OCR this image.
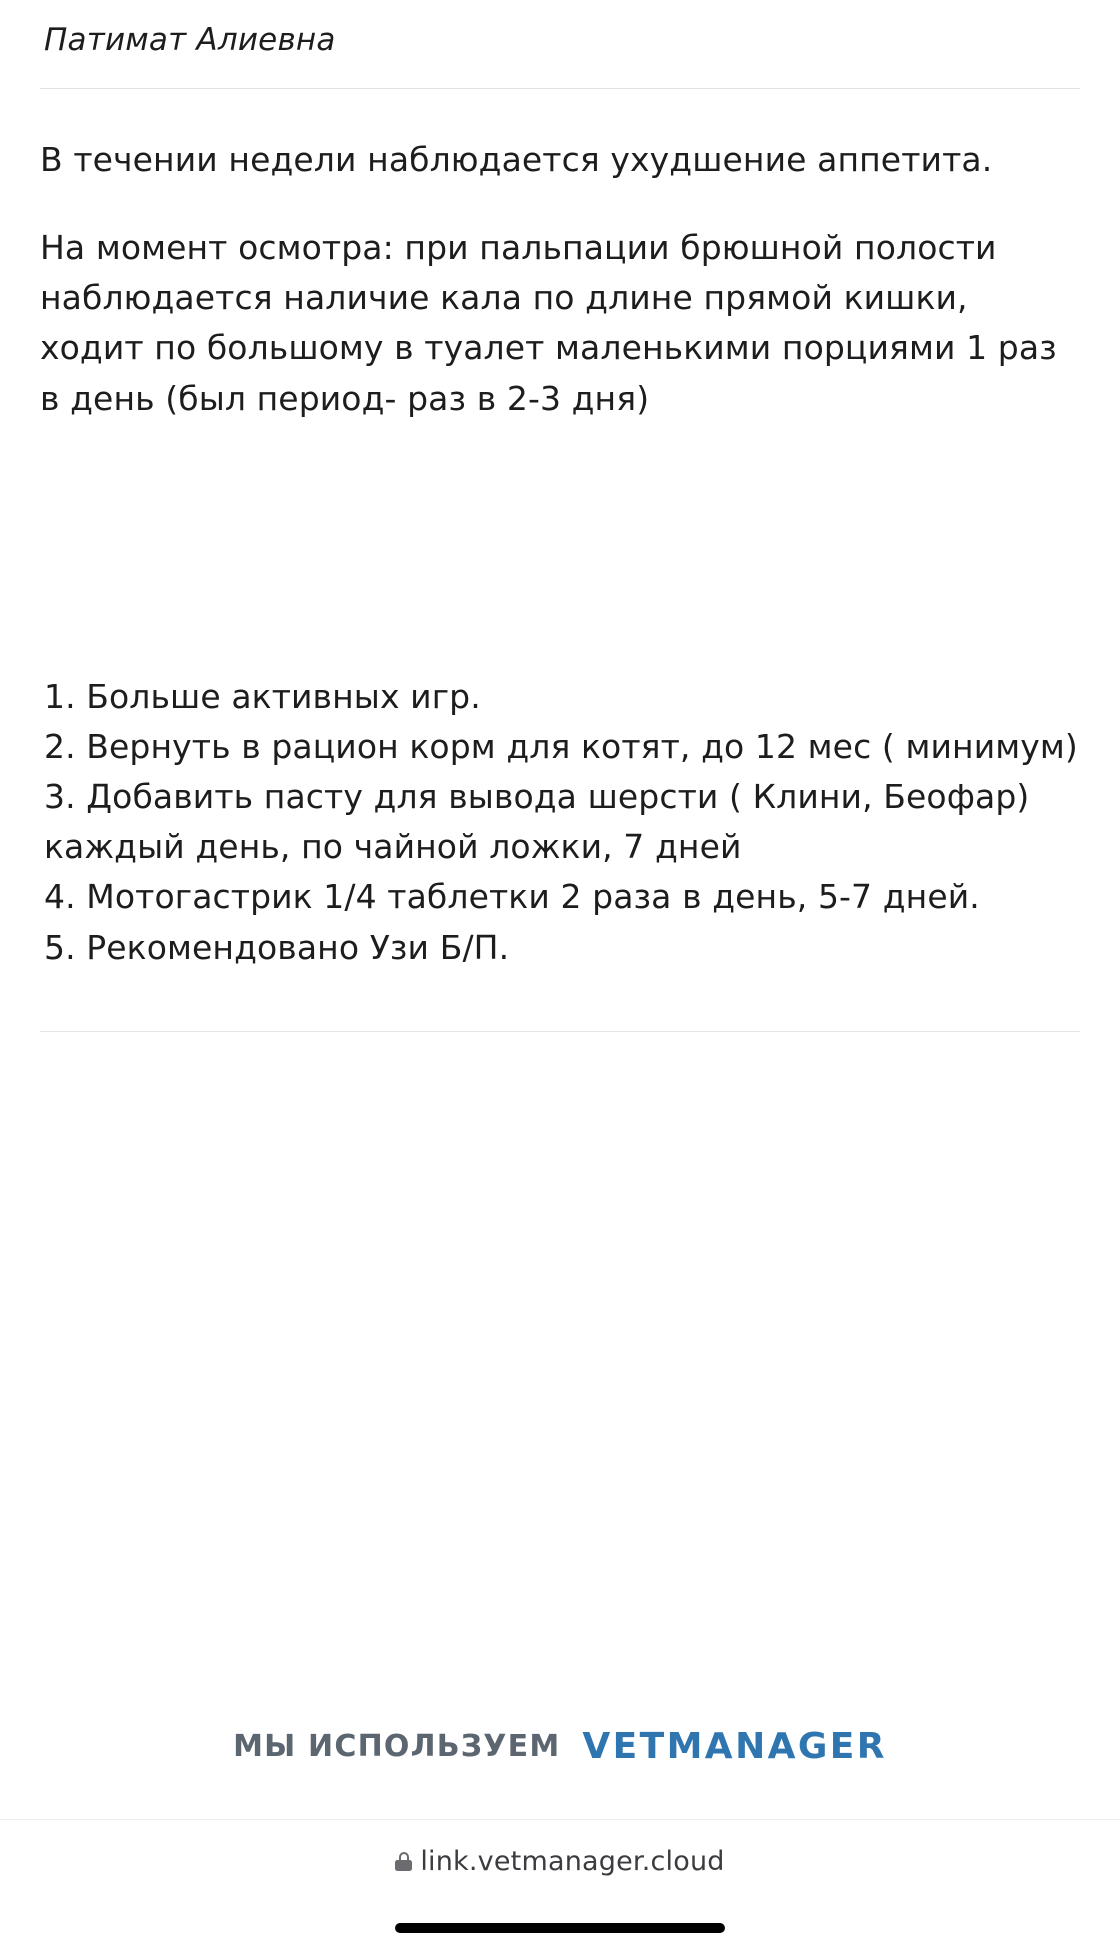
Патимат Алиевна

В течении недели наблюдается ухудшение аппетита.

На момент осмотра: при пальпации брюшной полости наблюдается наличие кала по длине прямой кишки, ходит по большому в туалет маленькими порциями 1 раз в день (был период- раз в 2-3 дня)

1. Больше активных игр.

2. Вернуть в рацион корм для котят, до 12 мес ( минимум)

3. Добавить пасту для вывода шерсти ( Клини, Беофар) каждый день, по чайной ложки, 7 дней

4. Мотогастрик 1/4 таблетки 2 раза в день, 5-7 дней.

5. Рекомендовано Узи Б/П.

МЫ ИСПОЛЬЗУЕМ VETMANAGER
link.vetmanager.cloud
